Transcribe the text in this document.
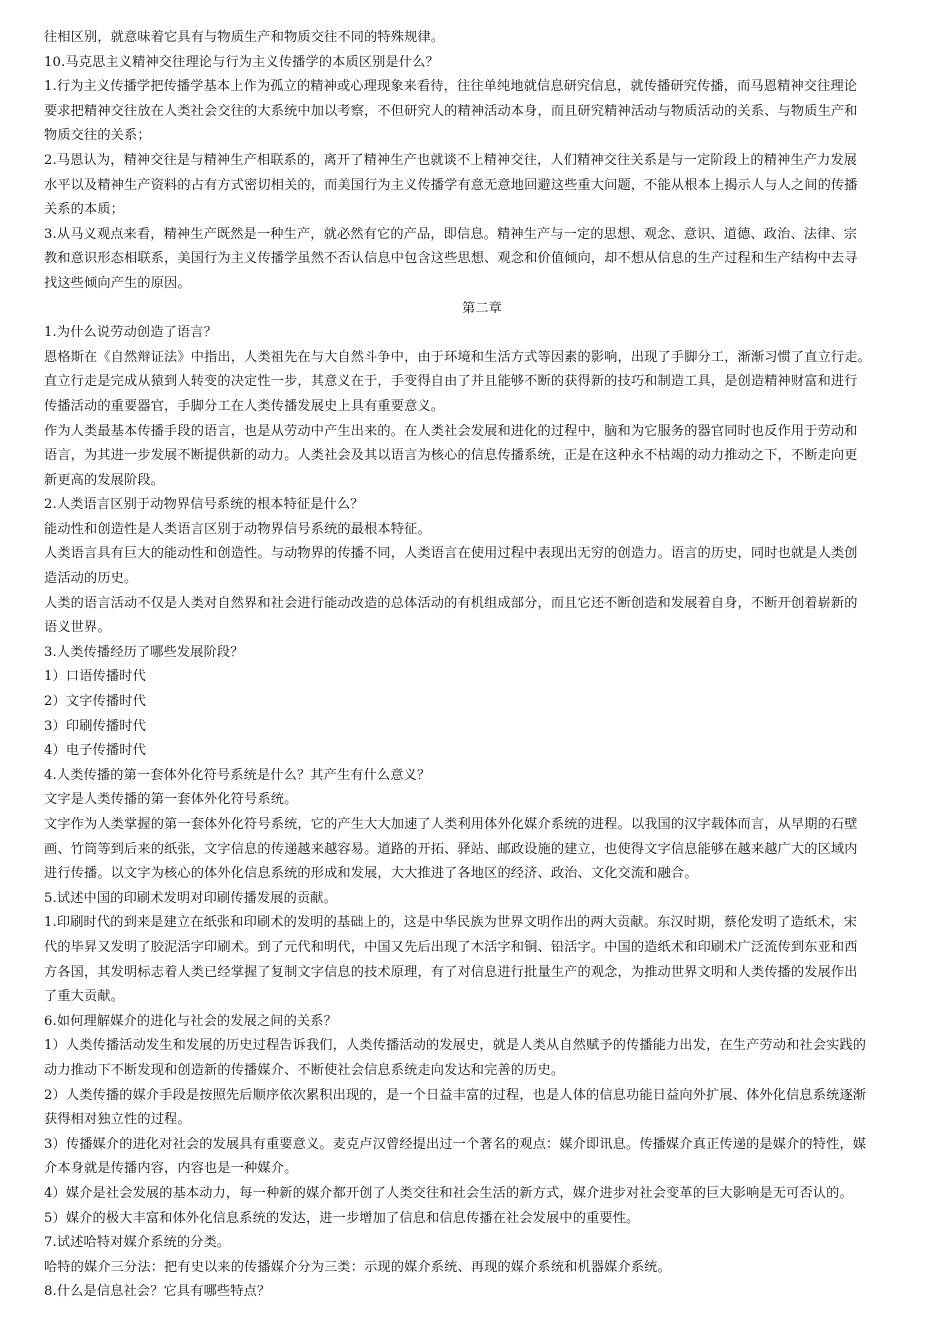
往相区别，就意味着它具有与物质生产和物质交往不同的特殊规律。
10.马克思主义精神交往理论与行为主义传播学的本质区别是什么？
1.行为主义传播学把传播学基本上作为孤立的精神或心理现象来看待，往往单纯地就信息研究信息，就传播研究传播，而马恩精神交往理论
要求把精神交往放在人类社会交往的大系统中加以考察，不但研究人的精神活动本身，而且研究精神活动与物质活动的关系、与物质生产和
物质交往的关系；
2.马恩认为，精神交往是与精神生产相联系的，离开了精神生产也就谈不上精神交往，人们精神交往关系是与一定阶段上的精神生产力发展
水平以及精神生产资料的占有方式密切相关的，而美国行为主义传播学有意无意地回避这些重大问题，不能从根本上揭示人与人之间的传播
关系的本质；
3.从马义观点来看，精神生产既然是一种生产，就必然有它的产品，即信息。精神生产与一定的思想、观念、意识、道德、政治、法律、宗
教和意识形态相联系，美国行为主义传播学虽然不否认信息中包含这些思想、观念和价值倾向，却不想从信息的生产过程和生产结构中去寻
找这些倾向产生的原因。
第二章
1.为什么说劳动创造了语言？
恩格斯在《自然辩证法》中指出，人类祖先在与大自然斗争中，由于环境和生活方式等因素的影响，出现了手脚分工，渐渐习惯了直立行走。
直立行走是完成从猿到人转变的决定性一步，其意义在于，手变得自由了并且能够不断的获得新的技巧和制造工具，是创造精神财富和进行
传播活动的重要器官，手脚分工在人类传播发展史上具有重要意义。
作为人类最基本传播手段的语言，也是从劳动中产生出来的。在人类社会发展和进化的过程中，脑和为它服务的器官同时也反作用于劳动和
语言，为其进一步发展不断提供新的动力。人类社会及其以语言为核心的信息传播系统，正是在这种永不枯竭的动力推动之下，不断走向更
新更高的发展阶段。
2.人类语言区别于动物界信号系统的根本特征是什么？
能动性和创造性是人类语言区别于动物界信号系统的最根本特征。
人类语言具有巨大的能动性和创造性。与动物界的传播不同，人类语言在使用过程中表现出无穷的创造力。语言的历史，同时也就是人类创
造活动的历史。
人类的语言活动不仅是人类对自然界和社会进行能动改造的总体活动的有机组成部分，而且它还不断创造和发展着自身，不断开创着崭新的
语义世界。
3.人类传播经历了哪些发展阶段？
1）口语传播时代
2）文字传播时代
3）印刷传播时代
4）电子传播时代
4.人类传播的第一套体外化符号系统是什么？其产生有什么意义？
文字是人类传播的第一套体外化符号系统。
文字作为人类掌握的第一套体外化符号系统，它的产生大大加速了人类利用体外化媒介系统的进程。以我国的汉字载体而言，从早期的石壁
画、竹筒等到后来的纸张，文字信息的传递越来越容易。道路的开拓、驿站、邮政设施的建立，也使得文字信息能够在越来越广大的区域内
进行传播。以文字为核心的体外化信息系统的形成和发展，大大推进了各地区的经济、政治、文化交流和融合。
5.试述中国的印刷术发明对印刷传播发展的贡献。
1.印刷时代的到来是建立在纸张和印刷术的发明的基础上的，这是中华民族为世界文明作出的两大贡献。东汉时期，蔡伦发明了造纸术，宋
代的毕昇又发明了胶泥活字印刷术。到了元代和明代，中国又先后出现了木活字和铜、铅活字。中国的造纸术和印刷术广泛流传到东亚和西
方各国，其发明标志着人类已经掌握了复制文字信息的技术原理，有了对信息进行批量生产的观念，为推动世界文明和人类传播的发展作出
了重大贡献。
6.如何理解媒介的进化与社会的发展之间的关系？
1）人类传播活动发生和发展的历史过程告诉我们，人类传播活动的发展史，就是人类从自然赋予的传播能力出发，在生产劳动和社会实践的
动力推动下不断发现和创造新的传播媒介、不断使社会信息系统走向发达和完善的历史。
2）人类传播的媒介手段是按照先后顺序依次累积出现的，是一个日益丰富的过程，也是人体的信息功能日益向外扩展、体外化信息系统逐渐
获得相对独立性的过程。
3）传播媒介的进化对社会的发展具有重要意义。麦克卢汉曾经提出过一个著名的观点：媒介即讯息。传播媒介真正传递的是媒介的特性，媒
介本身就是传播内容，内容也是一种媒介。
4）媒介是社会发展的基本动力，每一种新的媒介都开创了人类交往和社会生活的新方式，媒介进步对社会变革的巨大影响是无可否认的。
5）媒介的极大丰富和体外化信息系统的发达，进一步增加了信息和信息传播在社会发展中的重要性。
7.试述哈特对媒介系统的分类。
哈特的媒介三分法：把有史以来的传播媒介分为三类：示现的媒介系统、再现的媒介系统和机器媒介系统。
8.什么是信息社会？它具有哪些特点？
